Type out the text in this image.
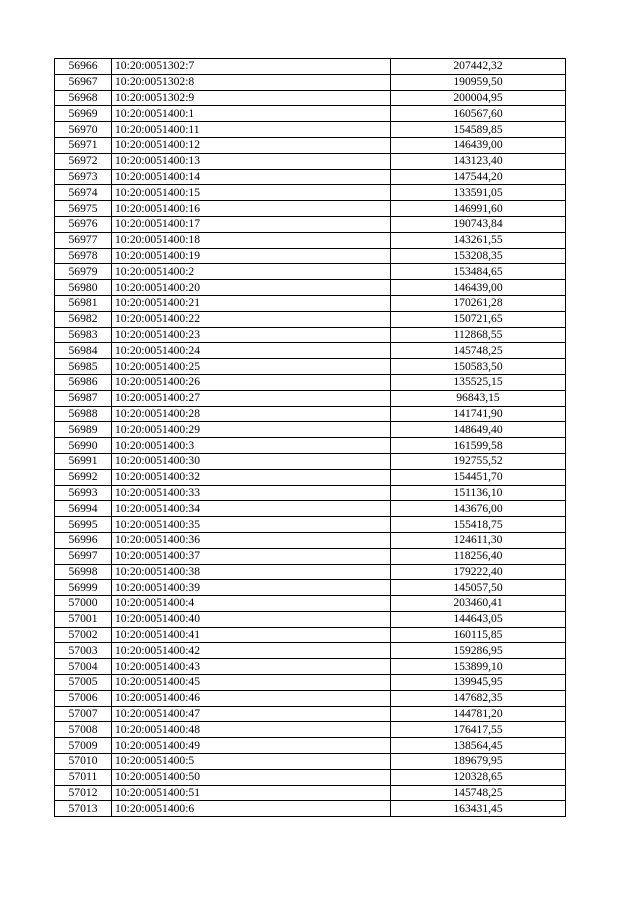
56966	10:20:0051302:7	207442,32
56967	10:20:0051302:8	190959,50
56968	10:20:0051302:9	200004,95
56969	10:20:0051400:1	160567,60
56970	10:20:0051400:11	154589,85
56971	10:20:0051400:12	146439,00
56972	10:20:0051400:13	143123,40
56973	10:20:0051400:14	147544,20
56974	10:20:0051400:15	133591,05
56975	10:20:0051400:16	146991,60
56976	10:20:0051400:17	190743,84
56977	10:20:0051400:18	143261,55
56978	10:20:0051400:19	153208,35
56979	10:20:0051400:2	153484,65
56980	10:20:0051400:20	146439,00
56981	10:20:0051400:21	170261,28
56982	10:20:0051400:22	150721,65
56983	10:20:0051400:23	112868,55
56984	10:20:0051400:24	145748,25
56985	10:20:0051400:25	150583,50
56986	10:20:0051400:26	135525,15
56987	10:20:0051400:27	96843,15
56988	10:20:0051400:28	141741,90
56989	10:20:0051400:29	148649,40
56990	10:20:0051400:3	161599,58
56991	10:20:0051400:30	192755,52
56992	10:20:0051400:32	154451,70
56993	10:20:0051400:33	151136,10
56994	10:20:0051400:34	143676,00
56995	10:20:0051400:35	155418,75
56996	10:20:0051400:36	124611,30
56997	10:20:0051400:37	118256,40
56998	10:20:0051400:38	179222,40
56999	10:20:0051400:39	145057,50
57000	10:20:0051400:4	203460,41
57001	10:20:0051400:40	144643,05
57002	10:20:0051400:41	160115,85
57003	10:20:0051400:42	159286,95
57004	10:20:0051400:43	153899,10
57005	10:20:0051400:45	139945,95
57006	10:20:0051400:46	147682,35
57007	10:20:0051400:47	144781,20
57008	10:20:0051400:48	176417,55
57009	10:20:0051400:49	138564,45
57010	10:20:0051400:5	189679,95
57011	10:20:0051400:50	120328,65
57012	10:20:0051400:51	145748,25
57013	10:20:0051400:6	163431,45
